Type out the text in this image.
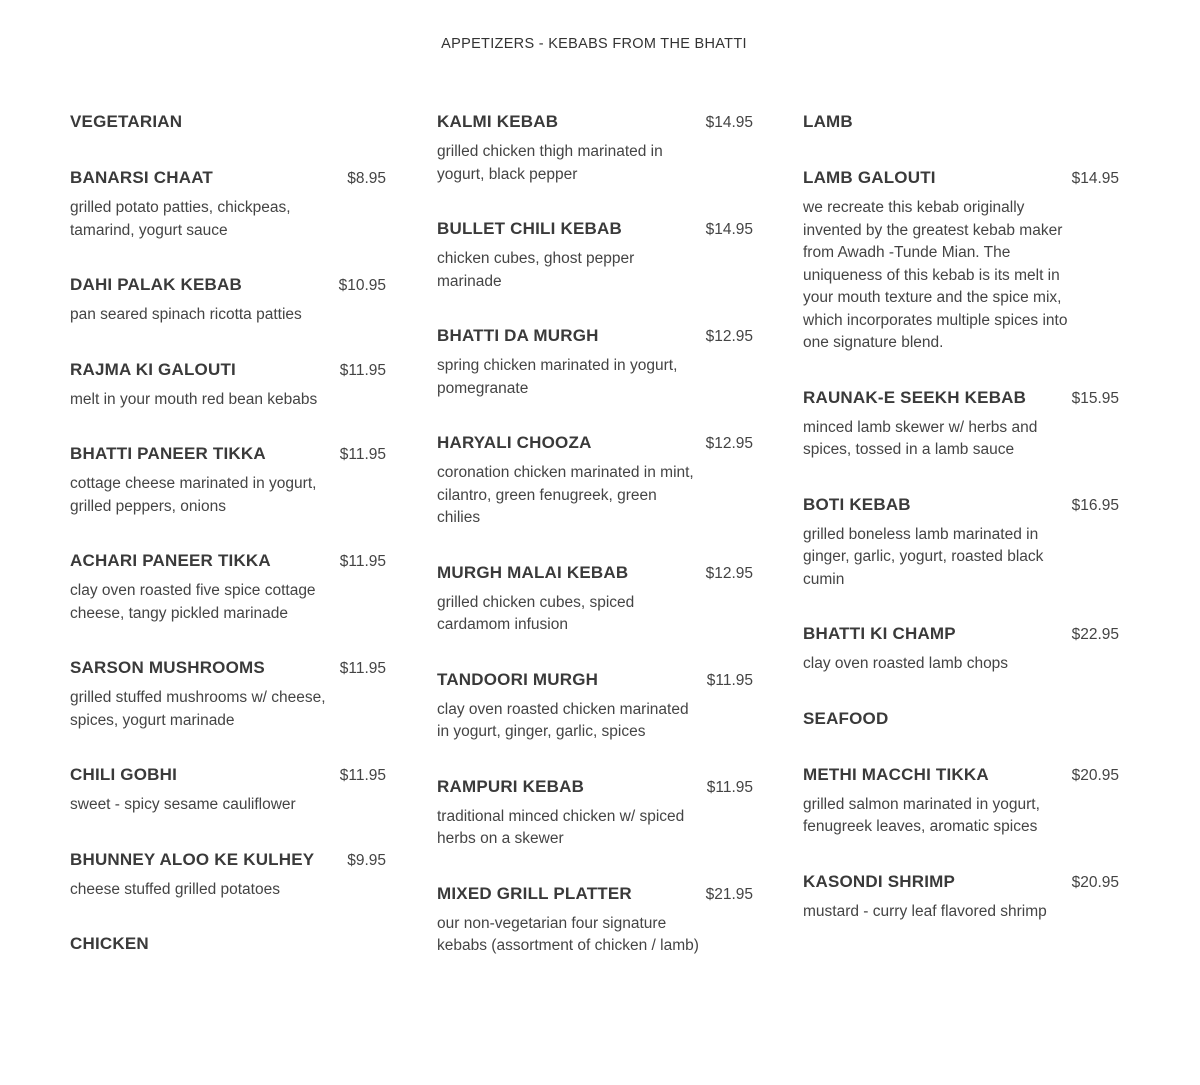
APPETIZERS - KEBABS FROM THE BHATTI
VEGETARIAN
BANARSI CHAAT	$8.95
grilled potato patties, chickpeas, tamarind, yogurt sauce
DAHI PALAK KEBAB	$10.95
pan seared spinach ricotta patties
RAJMA KI GALOUTI	$11.95
melt in your mouth red bean kebabs
BHATTI PANEER TIKKA	$11.95
cottage cheese marinated in yogurt, grilled peppers, onions
ACHARI PANEER TIKKA	$11.95
clay oven roasted five spice cottage cheese, tangy pickled marinade
SARSON MUSHROOMS	$11.95
grilled stuffed mushrooms w/ cheese, spices, yogurt marinade
CHILI GOBHI	$11.95
sweet - spicy sesame cauliflower
BHUNNEY ALOO KE KULHEY $9.95
cheese stuffed grilled potatoes
CHICKEN
KALMI KEBAB	$14.95
grilled chicken thigh marinated in yogurt, black pepper
BULLET CHILI KEBAB	$14.95
chicken cubes, ghost pepper marinade
BHATTI DA MURGH	$12.95
spring chicken marinated in yogurt, pomegranate
HARYALI CHOOZA	$12.95
coronation chicken marinated in mint, cilantro, green fenugreek, green chilies
MURGH MALAI KEBAB	$12.95
grilled chicken cubes, spiced cardamom infusion
TANDOORI MURGH	$11.95
clay oven roasted chicken marinated in yogurt, ginger, garlic, spices
RAMPURI KEBAB	$11.95
traditional minced chicken w/ spiced herbs on a skewer
MIXED GRILL PLATTER	$21.95
our non-vegetarian four signature kebabs (assortment of chicken / lamb)
LAMB
LAMB GALOUTI	$14.95
we recreate this kebab originally invented by the greatest kebab maker from Awadh -Tunde Mian. The uniqueness of this kebab is its melt in your mouth texture and the spice mix, which incorporates multiple spices into one signature blend.
RAUNAK-E SEEKH KEBAB	$15.95
minced lamb skewer w/ herbs and spices, tossed in a lamb sauce
BOTI KEBAB	$16.95
grilled boneless lamb marinated in ginger, garlic, yogurt, roasted black cumin
BHATTI KI CHAMP	$22.95
clay oven roasted lamb chops
SEAFOOD
METHI MACCHI TIKKA	$20.95
grilled salmon marinated in yogurt, fenugreek leaves, aromatic spices
KASONDI SHRIMP	$20.95
mustard - curry leaf flavored shrimp
